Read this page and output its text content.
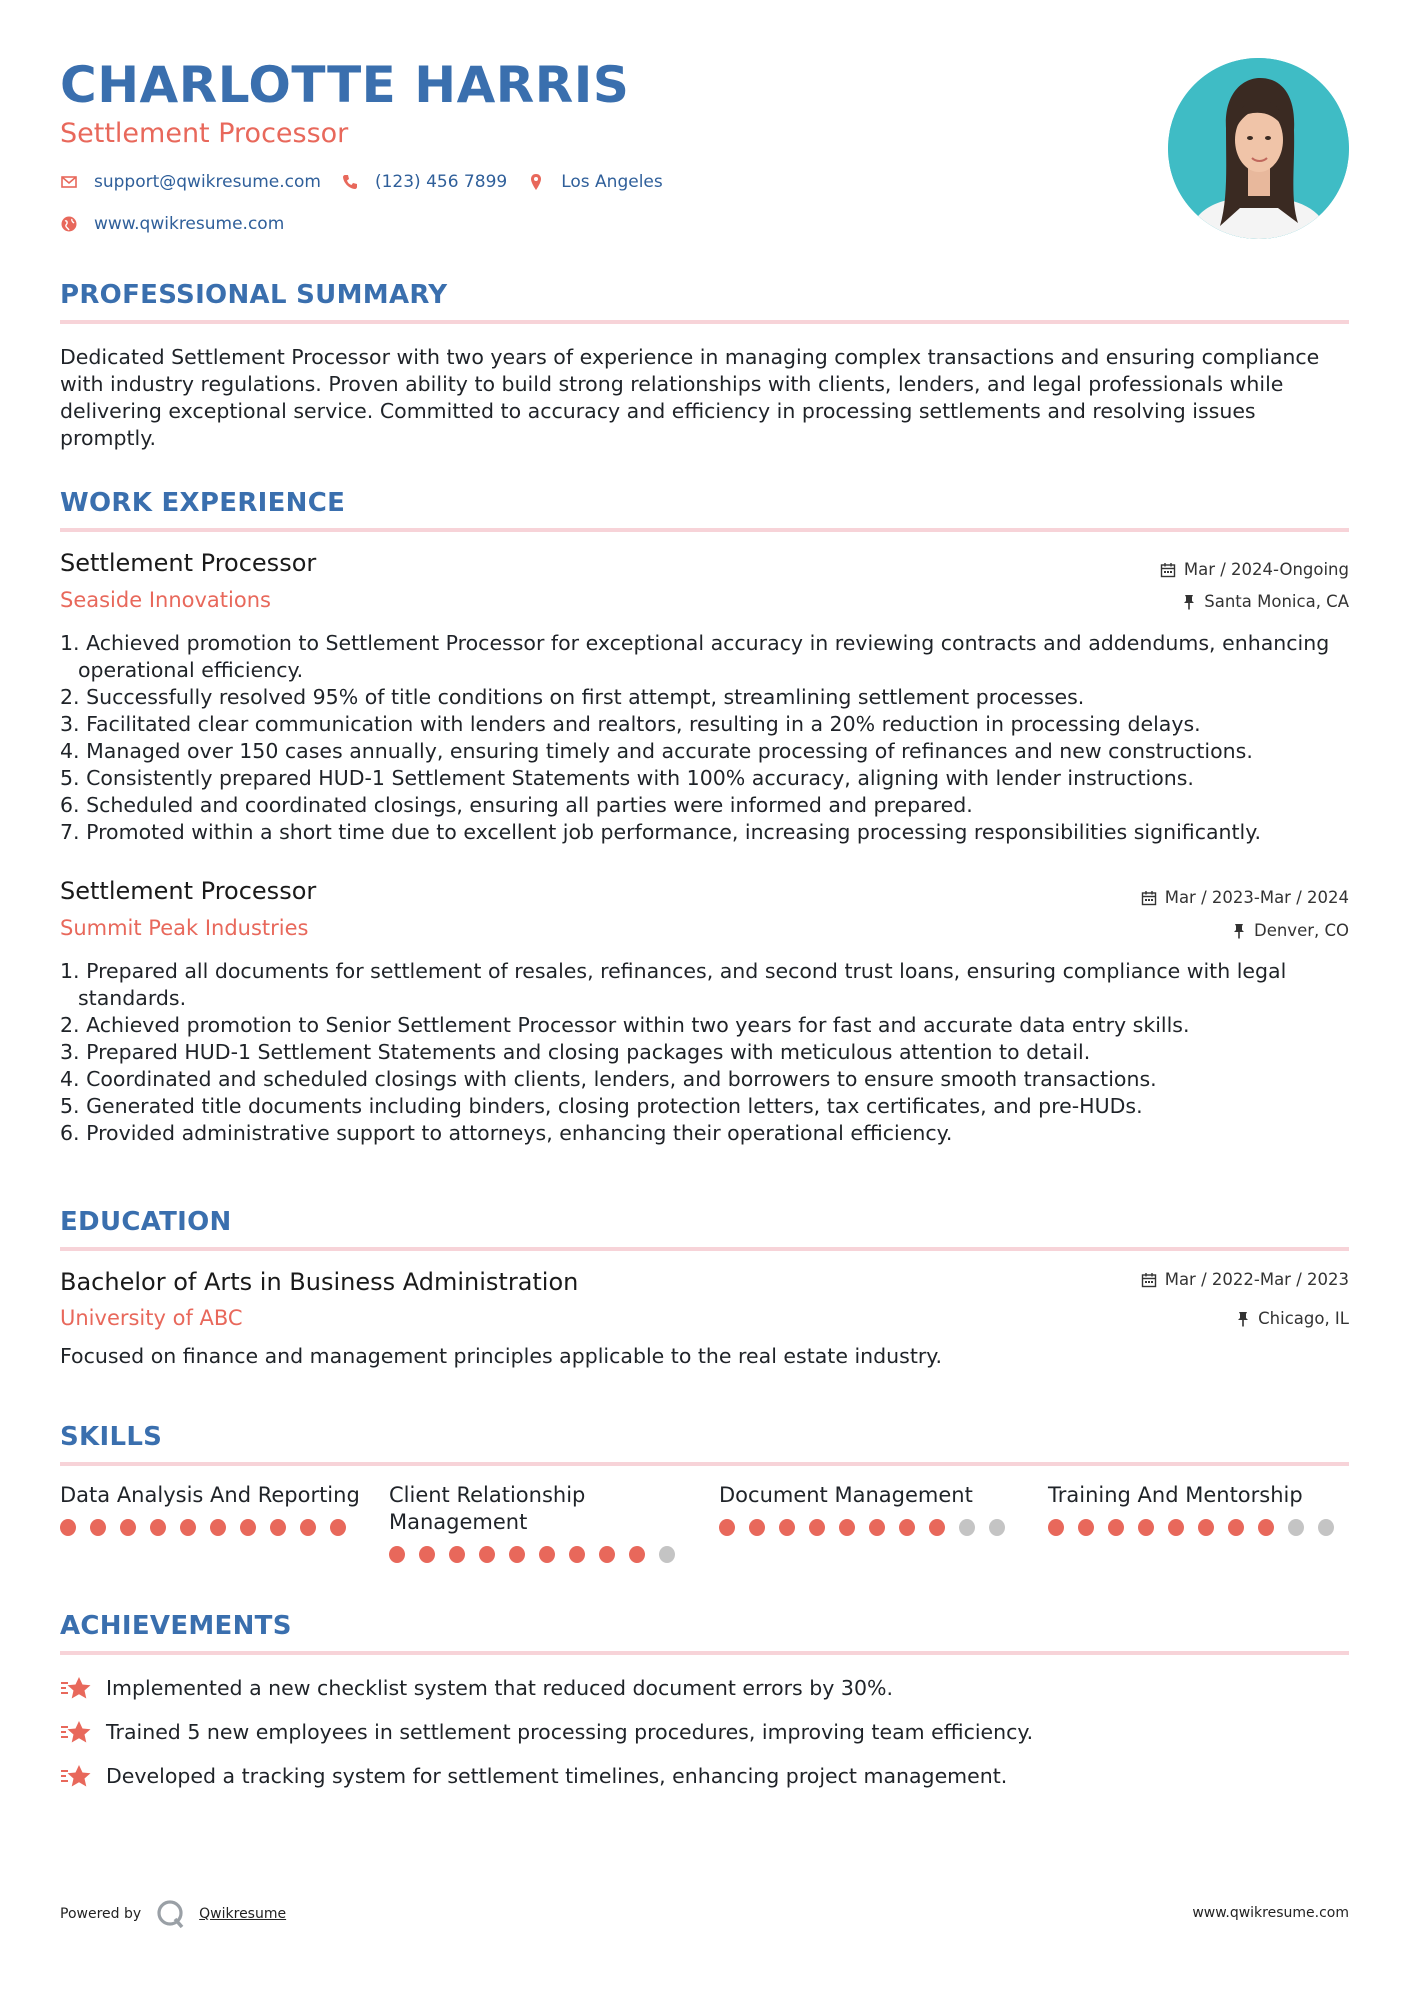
CHARLOTTE HARRIS
Settlement Processor
support@qwikresume.com	(123) 456 7899	Los Angeles
www.qwikresume.com
PROFESSIONAL SUMMARY

Dedicated Settlement Processor with two years of experience in managing complex transactions and ensuring compliance with industry regulations. Proven ability to build strong relationships with clients, lenders, and legal professionals while delivering exceptional service. Committed to accuracy and efficiency in processing settlements and resolving issues promptly.

WORK EXPERIENCE
Settlement Processor	Mar / 2024-Ongoing
Seaside Innovations	Santa Monica, CA
1. Achieved promotion to Settlement Processor for exceptional accuracy in reviewing contracts and addendums, enhancing operational efficiency.
2. Successfully resolved 95% of title conditions on first attempt, streamlining settlement processes.
3. Facilitated clear communication with lenders and realtors, resulting in a 20% reduction in processing delays.
4. Managed over 150 cases annually, ensuring timely and accurate processing of refinances and new constructions.
5. Consistently prepared HUD-1 Settlement Statements with 100% accuracy, aligning with lender instructions.
6. Scheduled and coordinated closings, ensuring all parties were informed and prepared.
7. Promoted within a short time due to excellent job performance, increasing processing responsibilities significantly.
Settlement Processor	Mar / 2023-Mar / 2024
Summit Peak Industries	Denver, CO
1. Prepared all documents for settlement of resales, refinances, and second trust loans, ensuring compliance with legal standards.
2. Achieved promotion to Senior Settlement Processor within two years for fast and accurate data entry skills.
3. Prepared HUD-1 Settlement Statements and closing packages with meticulous attention to detail.
4. Coordinated and scheduled closings with clients, lenders, and borrowers to ensure smooth transactions.
5. Generated title documents including binders, closing protection letters, tax certificates, and pre-HUDs.
6. Provided administrative support to attorneys, enhancing their operational efficiency.
EDUCATION
Bachelor of Arts in Business Administration	Mar / 2022-Mar / 2023
University of ABC	Chicago, IL

Focused on finance and management principles applicable to the real estate industry.

SKILLS
Data Analysis And Reporting Client Relationship Management
Document Management	Training And Mentorship
ACHIEVEMENTS
Implemented a new checklist system that reduced document errors by 30%.
Trained 5 new employees in settlement processing procedures, improving team efficiency.
Developed a tracking system for settlement timelines, enhancing project management.
Powered by	Qwikresume	www.qwikresume.com
